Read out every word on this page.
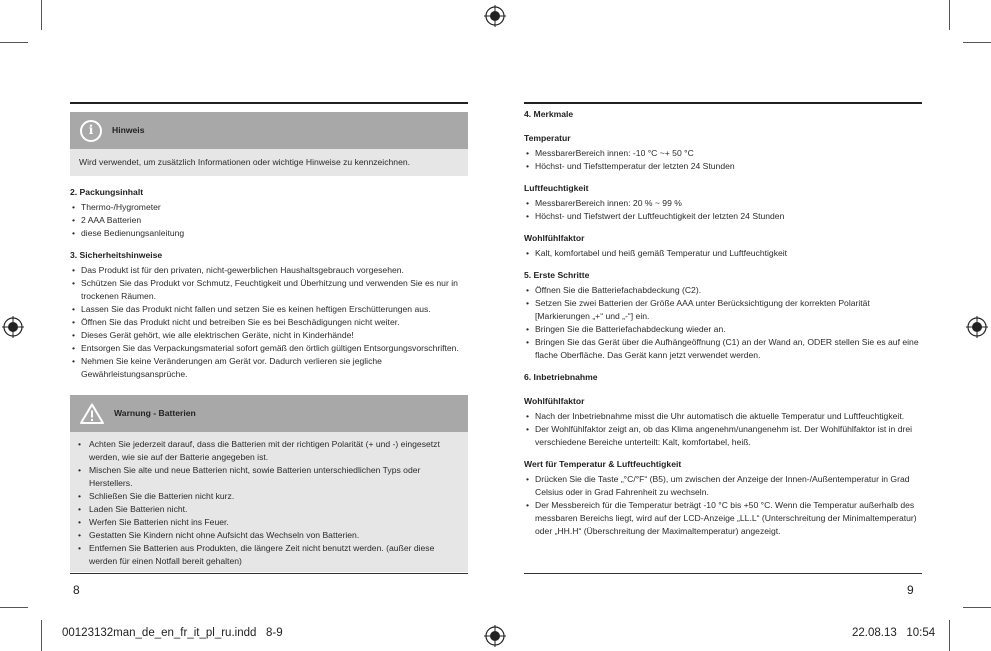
i	Hinweis
Wird verwendet, um zusätzlich Informationen oder wichtige Hinweise zu kennzeichnen.
2. Packungsinhalt
• Thermo-/Hygrometer
• 2 AAA Batterien
• diese Bedienungsanleitung
3. Sicherheitshinweise
• Das Produkt ist für den privaten, nicht-gewerblichen Haushaltsgebrauch vorgesehen.
• Schützen Sie das Produkt vor Schmutz, Feuchtigkeit und Überhitzung und verwenden Sie es nur in trockenen Räumen.
• Lassen Sie das Produkt nicht fallen und setzen Sie es keinen heftigen Erschütterungen aus.
• Öffnen Sie das Produkt nicht und betreiben Sie es bei Beschädigungen nicht weiter.
• Dieses Gerät gehört, wie alle elektrischen Geräte, nicht in Kinderhände!
• Entsorgen Sie das Verpackungsmaterial sofort gemäß den örtlich gültigen Entsorgungsvorschriften.
• Nehmen Sie keine Veränderungen am Gerät vor. Dadurch verlieren sie jegliche Gewährleistungsansprüche.
Warnung - Batterien
• Achten Sie jederzeit darauf, dass die Batterien mit der richtigen Polarität (+ und -) eingesetzt werden, wie sie auf der Batterie angegeben ist.
• Mischen Sie alte und neue Batterien nicht, sowie Batterien unterschiedlichen Typs oder Herstellers.
• Schließen Sie die Batterien nicht kurz.
• Laden Sie Batterien nicht.
• Werfen Sie Batterien nicht ins Feuer.
• Gestatten Sie Kindern nicht ohne Aufsicht das Wechseln von Batterien.
• Entfernen Sie Batterien aus Produkten, die längere Zeit nicht benutzt werden. (außer diese werden für einen Notfall bereit gehalten)
4. Merkmale
Temperatur
• MessbarerBereich innen: -10 °C ~+ 50 °C
• Höchst- und Tiefsttemperatur der letzten 24 Stunden
Luftfeuchtigkeit
• MessbarerBereich innen: 20 % ~ 99 %
• Höchst- und Tiefstwert der Luftfeuchtigkeit der letzten 24 Stunden
Wohlfühlfaktor
• Kalt, komfortabel und heiß gemäß Temperatur und Luftfeuchtigkeit
5. Erste Schritte
• Öffnen Sie die Batteriefachabdeckung (C2).
• Setzen Sie zwei Batterien der Größe AAA unter Berücksichtigung der korrekten Polarität [Markierungen „+“ und „-“] ein.
• Bringen Sie die Batteriefachabdeckung wieder an.
• Bringen Sie das Gerät über die Aufhängeöffnung (C1) an der Wand an, ODER stellen Sie es auf eine flache Oberfläche. Das Gerät kann jetzt verwendet werden.
6. Inbetriebnahme
Wohlfühlfaktor
• Nach der Inbetriebnahme misst die Uhr automatisch die aktuelle Temperatur und Luftfeuchtigkeit.
• Der Wohlfühlfaktor zeigt an, ob das Klima angenehm/unangenehm ist. Der Wohlfühlfaktor ist in drei verschiedene Bereiche unterteilt: Kalt, komfortabel, heiß.
Wert für Temperatur & Luftfeuchtigkeit
• Drücken Sie die Taste „°C/°F“ (B5), um zwischen der Anzeige der Innen-/Außentemperatur in Grad Celsius oder in Grad Fahrenheit zu wechseln.
• Der Messbereich für die Temperatur beträgt -10 °C bis +50 °C. Wenn die Temperatur außerhalb des messbaren Bereichs liegt, wird auf der LCD-Anzeige „LL.L“ (Unterschreitung der Minimaltemperatur) oder „HH.H“ (Überschreitung der Maximaltemperatur) angezeigt.
8	9
00123132man_de_en_fr_it_pl_ru.indd   8-9	22.08.13   10:54
